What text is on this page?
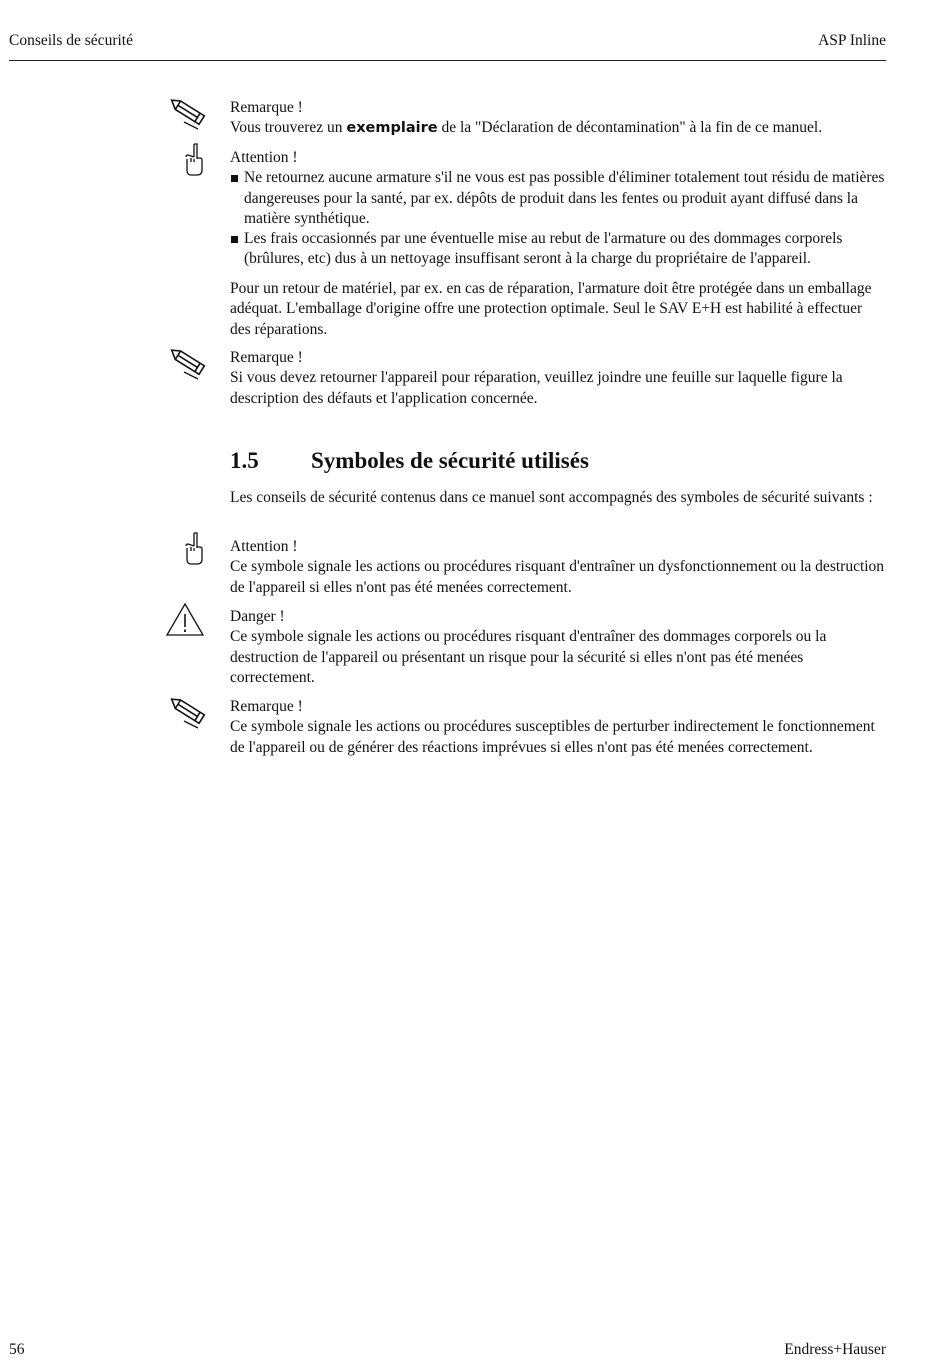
Conseils de sécurité	ASP Inline

Remarque !

Vous trouverez un exemplaire de la "Déclaration de décontamination" à la fin de ce manuel.

Attention !

Ne retournez aucune armature s'il ne vous est pas possible d'éliminer totalement tout résidu de matières dangereuses pour la santé, par ex. dépôts de produit dans les fentes ou produit ayant diffusé dans la matière synthétique.
Les frais occasionnés par une éventuelle mise au rebut de l'armature ou des dommages corporels (brûlures, etc) dus à un nettoyage insuffisant seront à la charge du propriétaire de l'appareil.

Pour un retour de matériel, par ex. en cas de réparation, l'armature doit être protégée dans un emballage adéquat. L'emballage d'origine offre une protection optimale. Seul le SAV E+H est habilité à effectuer des réparations.

Remarque !

Si vous devez retourner l'appareil pour réparation, veuillez joindre une feuille sur laquelle figure la description des défauts et l'application concernée.

1.5 Symboles de sécurité utilisés

Les conseils de sécurité contenus dans ce manuel sont accompagnés des symboles de sécurité suivants :

Attention !

Ce symbole signale les actions ou procédures risquant d'entraîner un dysfonctionnement ou la destruction de l'appareil si elles n'ont pas été menées correctement.

Danger !

Ce symbole signale les actions ou procédures risquant d'entraîner des dommages corporels ou la destruction de l'appareil ou présentant un risque pour la sécurité si elles n'ont pas été menées correctement.

Remarque !

Ce symbole signale les actions ou procédures susceptibles de perturber indirectement le fonctionnement de l'appareil ou de générer des réactions imprévues si elles n'ont pas été menées correctement.

56	Endress+Hauser
